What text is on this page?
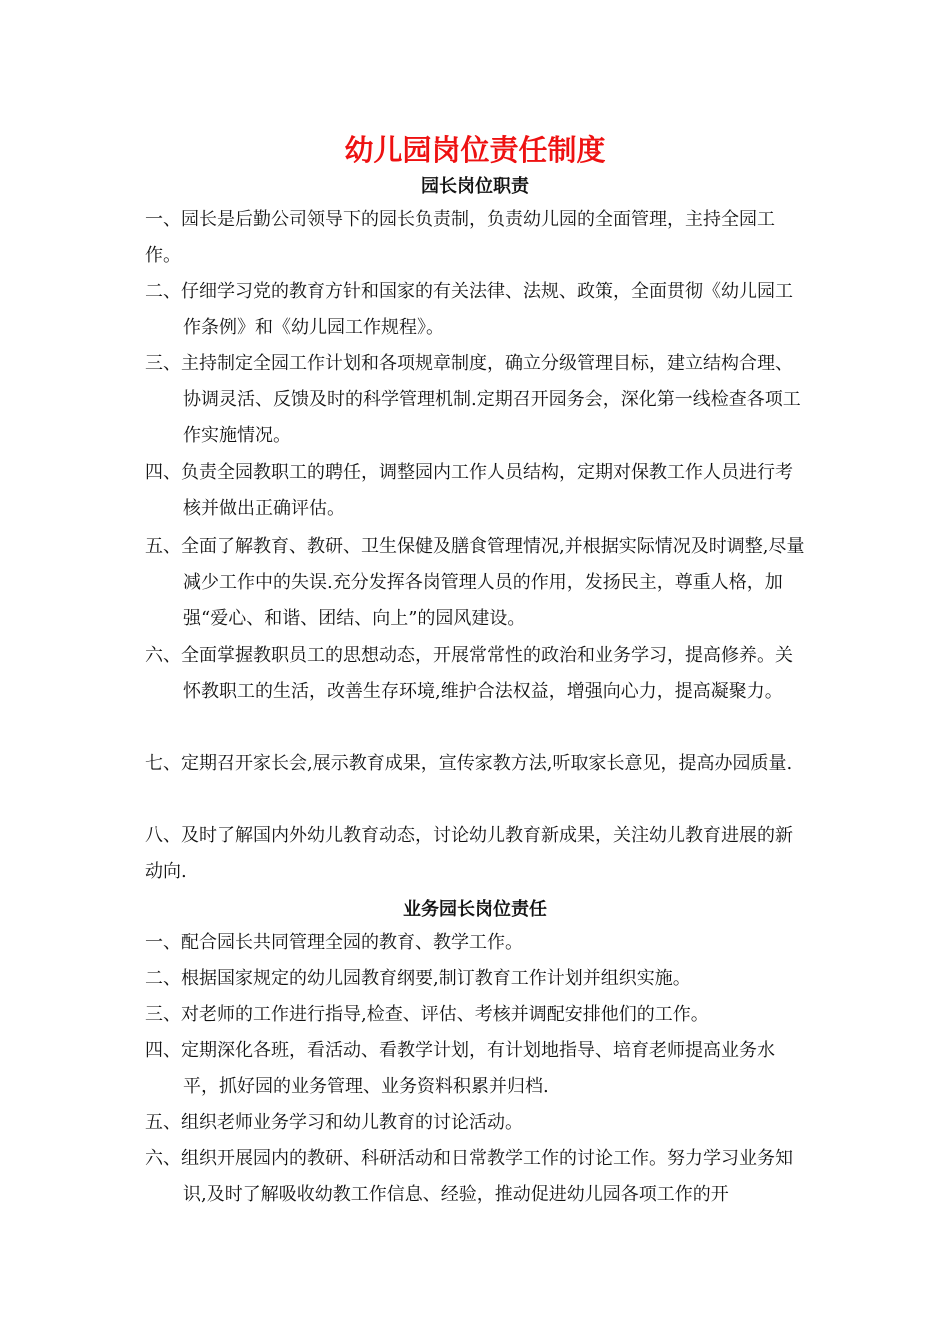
幼儿园岗位责任制度
园长岗位职责

一、园长是后勤公司领导下的园长负责制，负责幼儿园的全面管理，主持全园工作。

二、仔细学习党的教育方针和国家的有关法律、法规、政策，全面贯彻《幼儿园工作条例》和《幼儿园工作规程》。

三、主持制定全园工作计划和各项规章制度，确立分级管理目标，建立结构合理、协调灵活、反馈及时的科学管理机制.定期召开园务会，深化第一线检查各项工作实施情况。

四、负责全园教职工的聘任，调整园内工作人员结构，定期对保教工作人员进行考核并做出正确评估。

五、全面了解教育、教研、卫生保健及膳食管理情况,并根据实际情况及时调整,尽量减少工作中的失误.充分发挥各岗管理人员的作用，发扬民主，尊重人格，加强“爱心、和谐、团结、向上”的园风建设。

六、全面掌握教职员工的思想动态，开展常常性的政治和业务学习，提高修养。关怀教职工的生活，改善生存环境,维护合法权益，增强向心力，提高凝聚力。

七、定期召开家长会,展示教育成果，宣传家教方法,听取家长意见，提高办园质量.

八、及时了解国内外幼儿教育动态，讨论幼儿教育新成果，关注幼儿教育进展的新动向.

业务园长岗位责任

一、配合园长共同管理全园的教育、教学工作。

二、根据国家规定的幼儿园教育纲要,制订教育工作计划并组织实施。

三、对老师的工作进行指导,检查、评估、考核并调配安排他们的工作。

四、定期深化各班，看活动、看教学计划，有计划地指导、培育老师提高业务水平，抓好园的业务管理、业务资料积累并归档.

五、组织老师业务学习和幼儿教育的讨论活动。

六、组织开展园内的教研、科研活动和日常教学工作的讨论工作。努力学习业务知识,及时了解吸收幼教工作信息、经验，推动促进幼儿园各项工作的开
